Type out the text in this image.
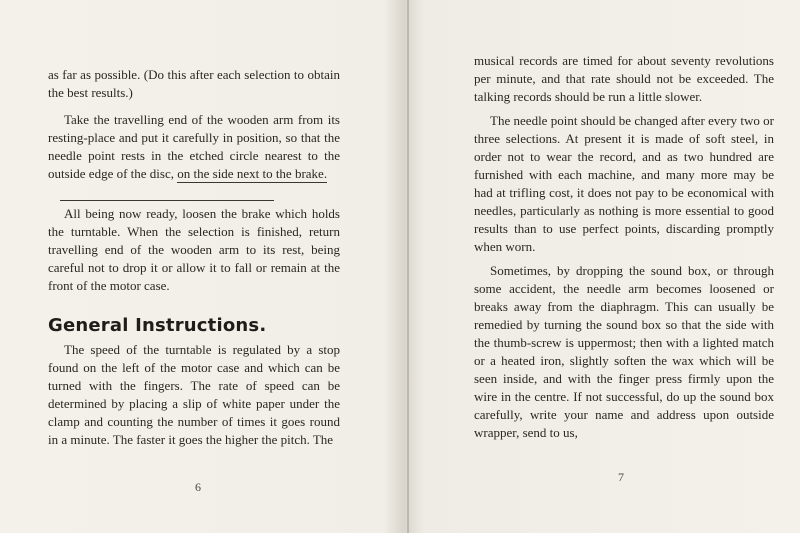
as far as possible. (Do this after each selection to obtain the best results.)

Take the travelling end of the wooden arm from its resting-place and put it carefully in position, so that the needle point rests in the etched circle nearest to the outside edge of the disc, on the side next to the brake.

All being now ready, loosen the brake which holds the turntable. When the selection is finished, return travelling end of the wooden arm to its rest, being careful not to drop it or allow it to fall or remain at the front of the motor case.

General Instructions.

The speed of the turntable is regulated by a stop found on the left of the motor case and which can be turned with the fingers. The rate of speed can be determined by placing a slip of white paper under the clamp and counting the number of times it goes round in a minute. The faster it goes the higher the pitch. The

6

musical records are timed for about seventy revolutions per minute, and that rate should not be exceeded. The talking records should be run a little slower.

The needle point should be changed after every two or three selections. At present it is made of soft steel, in order not to wear the record, and as two hundred are furnished with each machine, and many more may be had at trifling cost, it does not pay to be economical with needles, particularly as nothing is more essential to good results than to use perfect points, discarding promptly when worn.

Sometimes, by dropping the sound box, or through some accident, the needle arm becomes loosened or breaks away from the diaphragm. This can usually be remedied by turning the sound box so that the side with the thumb-screw is uppermost; then with a lighted match or a heated iron, slightly soften the wax which will be seen inside, and with the finger press firmly upon the wire in the centre. If not successful, do up the sound box carefully, write your name and address upon outside wrapper, send to us,

7
